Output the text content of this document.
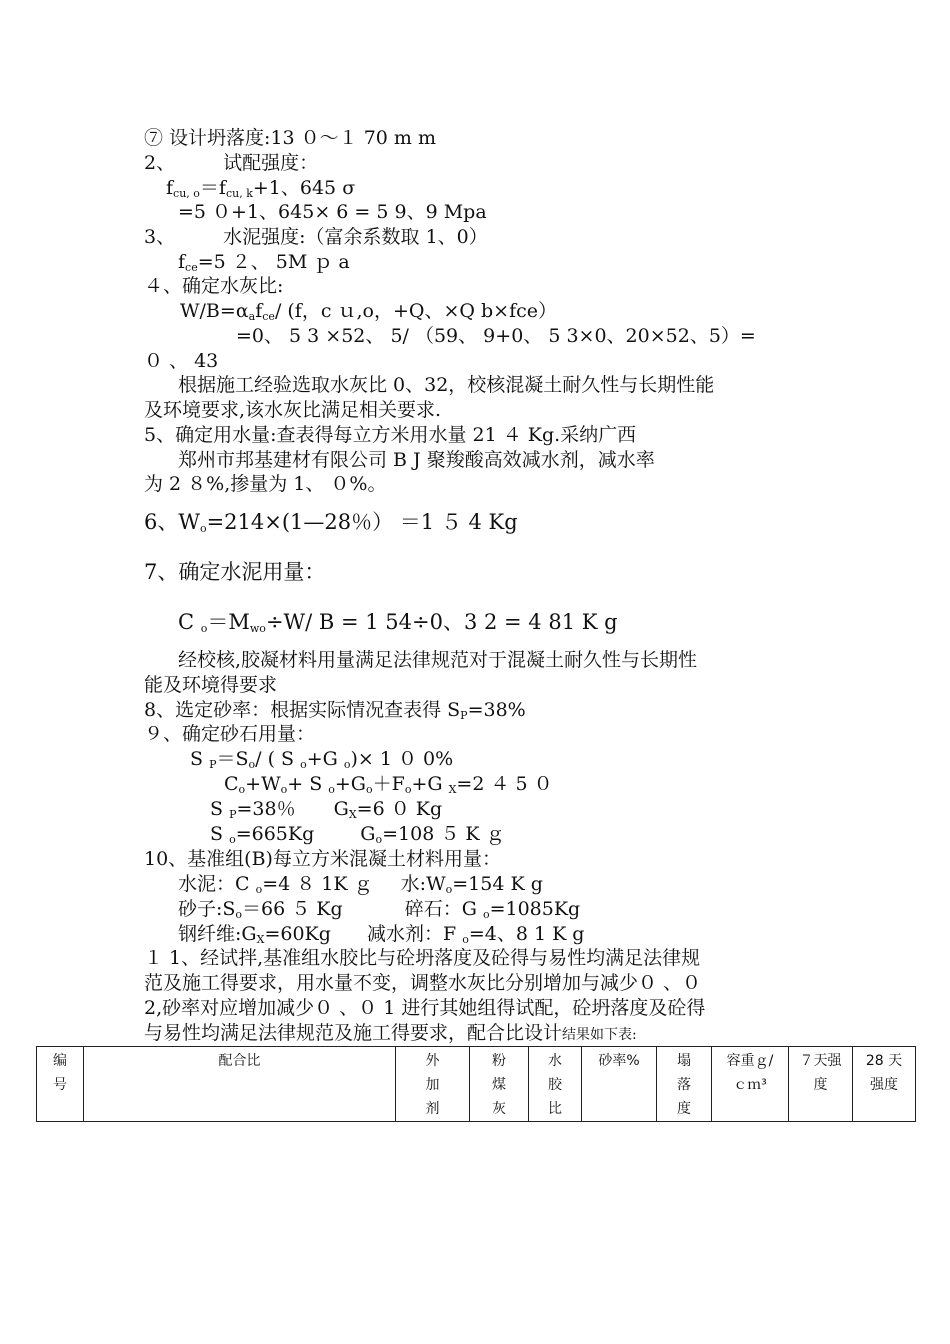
⑦ 设计坍落度:13 ０～１ 70 m m
2、	试配强度：
$f_{cu, o}=f_{cu, k}+1$、645 σ
=5 ０+1、645× 6 = 5 9、9 Mpa
3、	水泥强度:（富余系数取 1、0）
$f_{ce}=5$ ２、 5M ｐ a
４、确定水灰比:
$W/B=\alpha_af_{ce}/$ (f，c ｕ,o，+Q、×Q b×fce）
=0、 5 3 ×52、 5/ （59、 9+0、 5 3×0、20×52、5）=
０ 、 43
根据施工经验选取水灰比 0、32，校核混凝土耐久性与长期性能
及环境要求,该水灰比满足相关要求.
5、确定用水量:查表得每立方米用水量 21 ４ Kg.采纳广西
郑州市邦基建材有限公司 B J 聚羧酸高效减水剂，减水率
为 2 ８%,掺量为 1、 ０%。
6、$W_o=214\times(1—28$％） ＝1 ５ 4 Kg
7、确定水泥用量：
C $_o=M_{wo}\div W/$ B = 1 54÷0、3 2 = 4 81 K g
经校核,胶凝材料用量满足法律规范对于混凝土耐久性与长期性
能及环境得要求
8、选定砂率：根据实际情况查表得 $S_P=38\%$
９、确定砂石用量：
S $_P=S_o/$ ( S $_o$+G $_o$)× 1 ０ 0%
$C_o+W_o+ S$ $_o+G_o+F_o+G$ $_X$=2 ４ 5 ０
S $_P$=38％ $G_X=6$ ０ Kg
S $_o$=665Kg $G_o=108$ ５ K ｇ
10、基准组(B)每立方米混凝土材料用量：
水泥：C $_o$=4 ８ 1K ｇ 水$:W_o=154$ K g
砂子$:S_o=66$ ５ Kg	碎石：G $_o$=1085Kg
钢纤维$:G_X=60Kg$ 减水剂：F $_o$=4、8 1 K g
１ 1、经试拌,基准组水胶比与砼坍落度及砼得与易性均满足法律规
范及施工得要求，用水量不变，调整水灰比分别增加与减少０ 、０
2,砂率对应增加减少０ 、０ 1 进行其她组得试配，砼坍落度及砼得
与易性均满足法律规范及施工得要求，配合比设计结果如下表:
编
号	配合比	外
加
剂	粉
煤
灰	水
胶
比	砂率%	塌
落
度	容重ｇ/
ｃｍ³	７天强
度	28 天
强度
